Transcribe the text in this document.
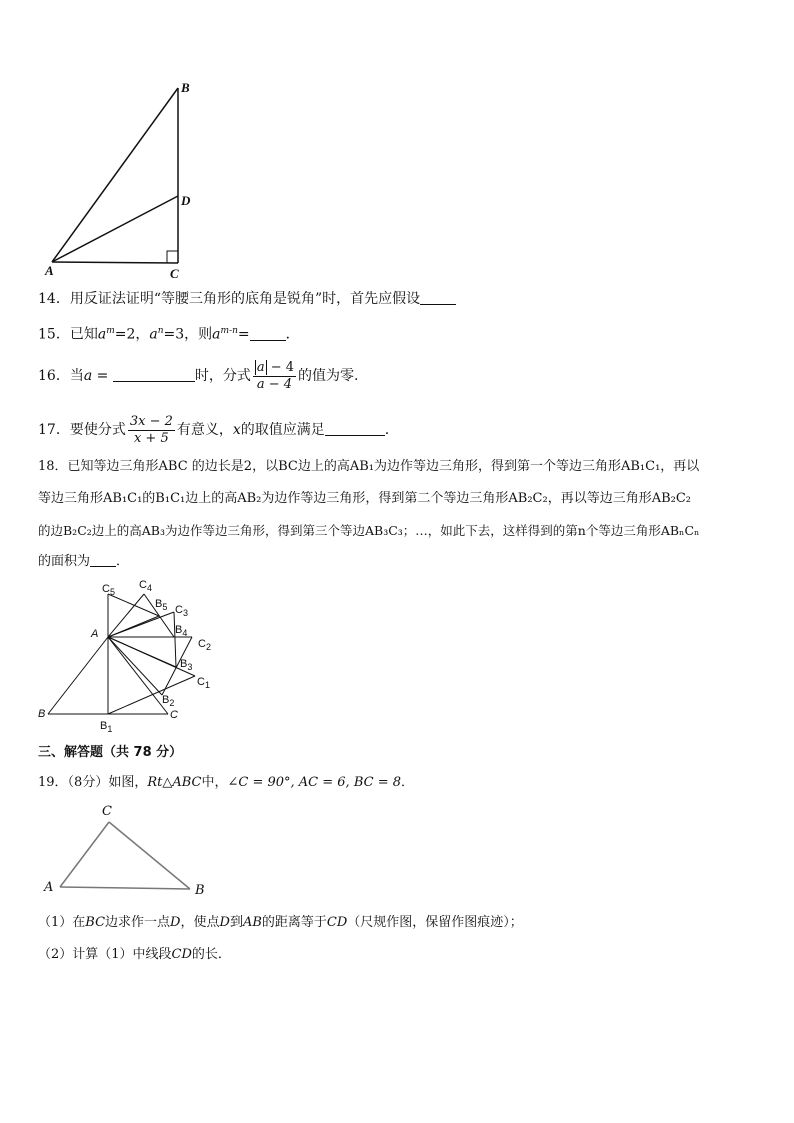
B
D
A	C
14．用反证法证明“等腰三角形的底角是锐角”时，首先应假设
15．已知$a^m=2$，$a^n=3$，则$a^{m-n}=$	．
16．当a =	时，分式 $\frac{a - 4}{a - 4}$ 的值为零.
17．要使分式 $\frac{3x - 2}{x + 5}$ 有意义，x的取值应满足	.
18．已知等边三角形ABC 的边长是2，以BC边上的高AB₁为边作等边三角形，得到第一个等边三角形AB₁C₁，再以
等边三角形AB₁C₁的B₁C₁边上的高AB₂为边作等边三角形，得到第二个等边三角形AB₂C₂，再以等边三角形AB₂C₂
的边B₂C₂边上的高AB₃为边作等边三角形，得到第三个等边AB₃C₃；…，如此下去，这样得到的第n个等边三角形ABₙCₙ
的面积为 ．
$C_5$
$C_4$
$B_5$ $C_3$
$B_4$
$C_2$
A
$B_3$
$C_1$
$B_2$
B	C
$B_1$
三、解答题（共 78 分）
19．（8分）如图，Rt△ABC中，∠C = 90°, AC = 6, BC = 8．
C
A	B
（1）在BC边求作一点D，使点D到AB的距离等于CD（尺规作图，保留作图痕迹）；
（2）计算（1）中线段CD的长．
